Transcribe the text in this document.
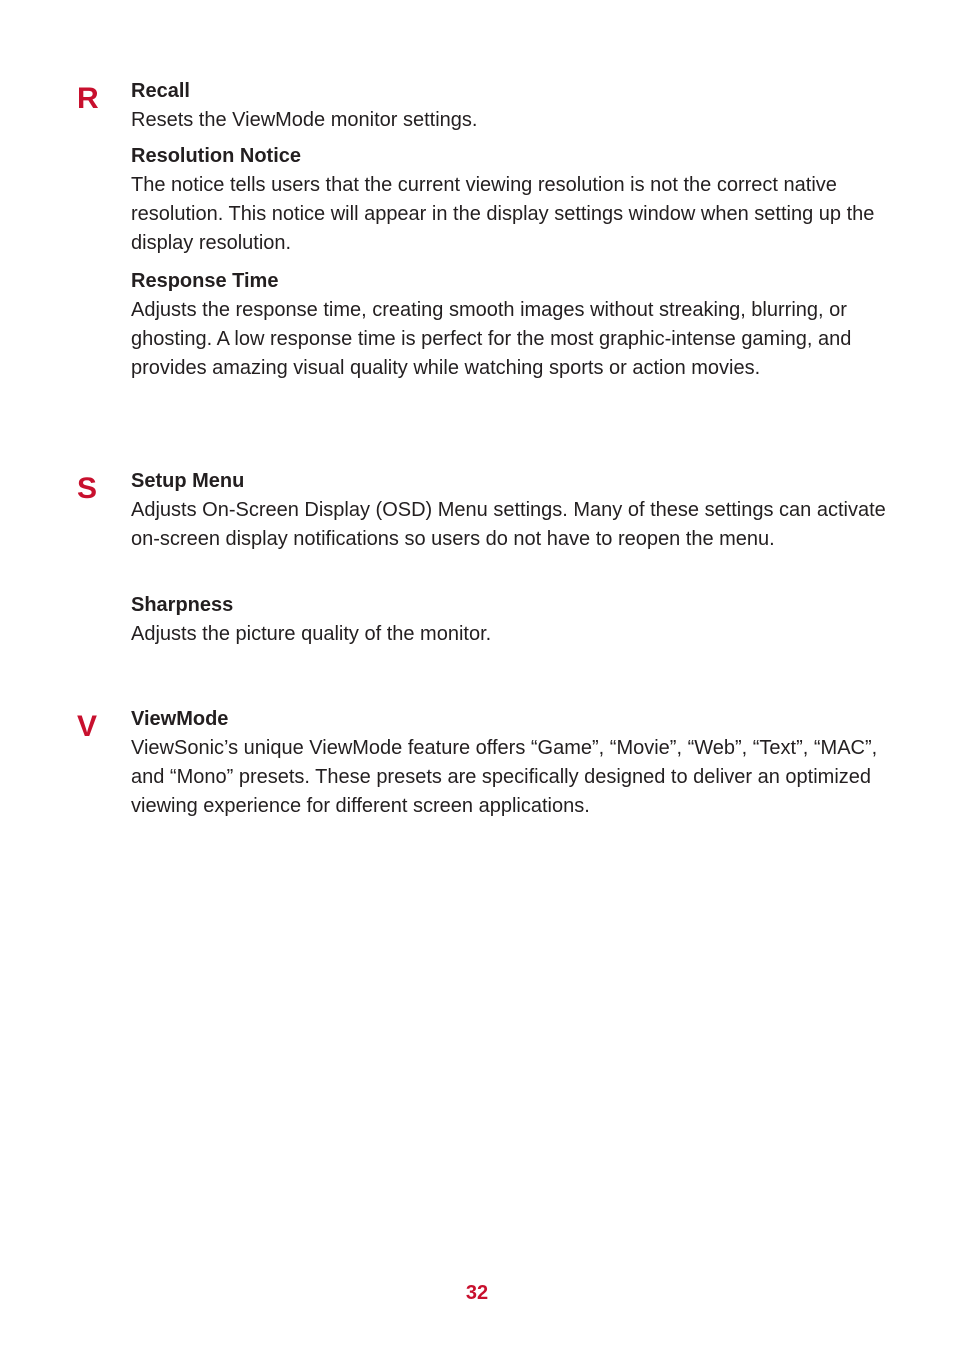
R Recall

Resets the ViewMode monitor settings.

Resolution Notice

The notice tells users that the current viewing resolution is not the correct native resolution. This notice will appear in the display settings window when setting up the display resolution.

Response Time

Adjusts the response time, creating smooth images without streaking, blurring, or ghosting. A low response time is perfect for the most graphic-intense gaming, and provides amazing visual quality while watching sports or action movies.

S Setup Menu

Adjusts On-Screen Display (OSD) Menu settings. Many of these settings can activate on-screen display notifications so users do not have to reopen the menu.

Sharpness

Adjusts the picture quality of the monitor.

V ViewMode

ViewSonic’s unique ViewMode feature offers “Game”, “Movie”, “Web”, “Text”, “MAC”, and “Mono” presets. These presets are specifically designed to deliver an optimized viewing experience for different screen applications.

32
